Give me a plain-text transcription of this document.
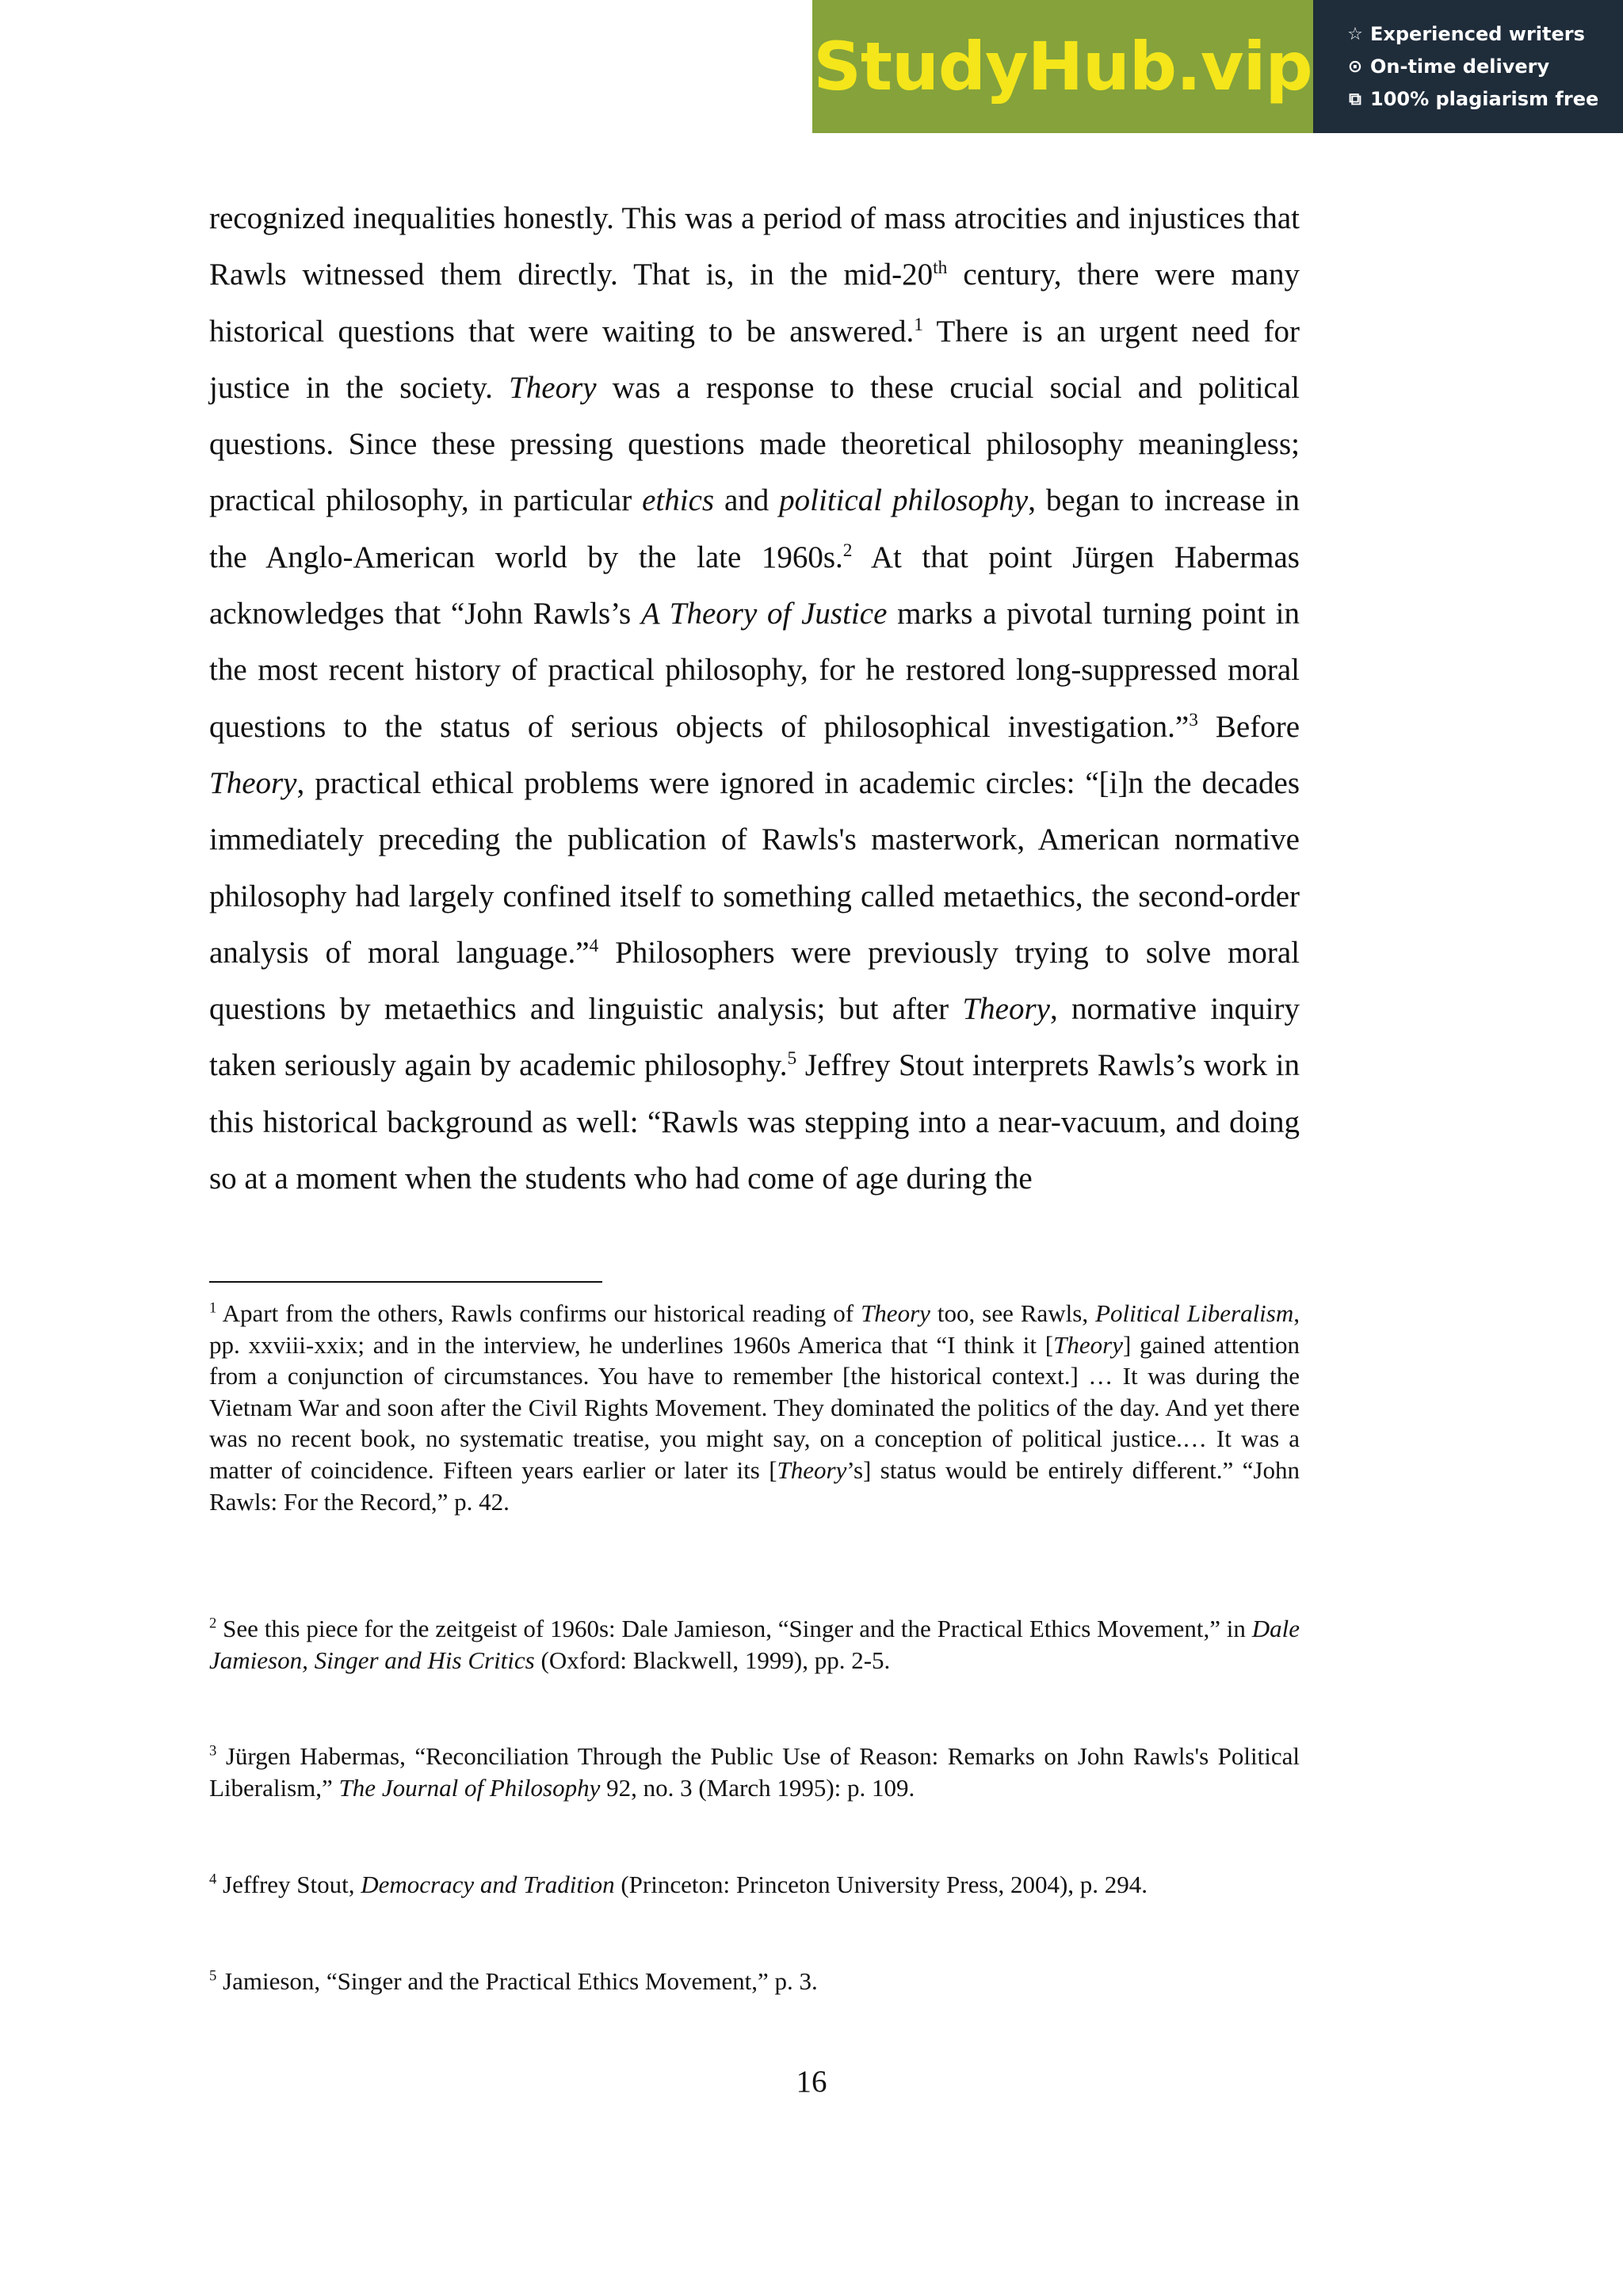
StudyHub.vip ☆ Experienced writers
⊙ On-time delivery
⧉ 100% plagiarism free

recognized inequalities honestly. This was a period of mass atrocities and injustices that Rawls witnessed them directly. That is, in the mid-20th century, there were many historical questions that were waiting to be answered.$^1$ There is an urgent need for justice in the society. Theory was a response to these crucial social and political questions. Since these pressing questions made theoretical philosophy meaningless; practical philosophy, in particular ethics and political philosophy, began to increase in the Anglo-American world by the late 1960s.$^2$ At that point Jürgen Habermas acknowledges that “John Rawls’s A Theory of Justice marks a pivotal turning point in the most recent history of practical philosophy, for he restored long-suppressed moral questions to the status of serious objects of philosophical investigation.”$^3$ Before Theory, practical ethical problems were ignored in academic circles: “[i]n the decades immediately preceding the publication of Rawls's masterwork, American normative philosophy had largely confined itself to something called metaethics, the second-order analysis of moral language.”$^4$ Philosophers were previously trying to solve moral questions by metaethics and linguistic analysis; but after Theory, normative inquiry taken seriously again by academic philosophy.$^5$ Jeffrey Stout interprets Rawls’s work in this historical background as well: “Rawls was stepping into a near-vacuum, and doing so at a moment when the students who had come of age during the

$^1$ Apart from the others, Rawls confirms our historical reading of Theory too, see Rawls, Political Liberalism, pp. xxviii-xxix; and in the interview, he underlines 1960s America that “I think it [Theory] gained attention from a conjunction of circumstances. You have to remember [the historical context.] … It was during the Vietnam War and soon after the Civil Rights Movement. They dominated the politics of the day. And yet there was no recent book, no systematic treatise, you might say, on a conception of political justice.… It was a matter of coincidence. Fifteen years earlier or later its [Theory’s] status would be entirely different.” “John Rawls: For the Record,” p. 42.

$^2$ See this piece for the zeitgeist of 1960s: Dale Jamieson, “Singer and the Practical Ethics Movement,” in Dale Jamieson, Singer and His Critics (Oxford: Blackwell, 1999), pp. 2-5.

$^3$ Jürgen Habermas, “Reconciliation Through the Public Use of Reason: Remarks on John Rawls's Political Liberalism,” The Journal of Philosophy 92, no. 3 (March 1995): p. 109.

$^4$ Jeffrey Stout, Democracy and Tradition (Princeton: Princeton University Press, 2004), p. 294.

$^5$ Jamieson, “Singer and the Practical Ethics Movement,” p. 3.

16
